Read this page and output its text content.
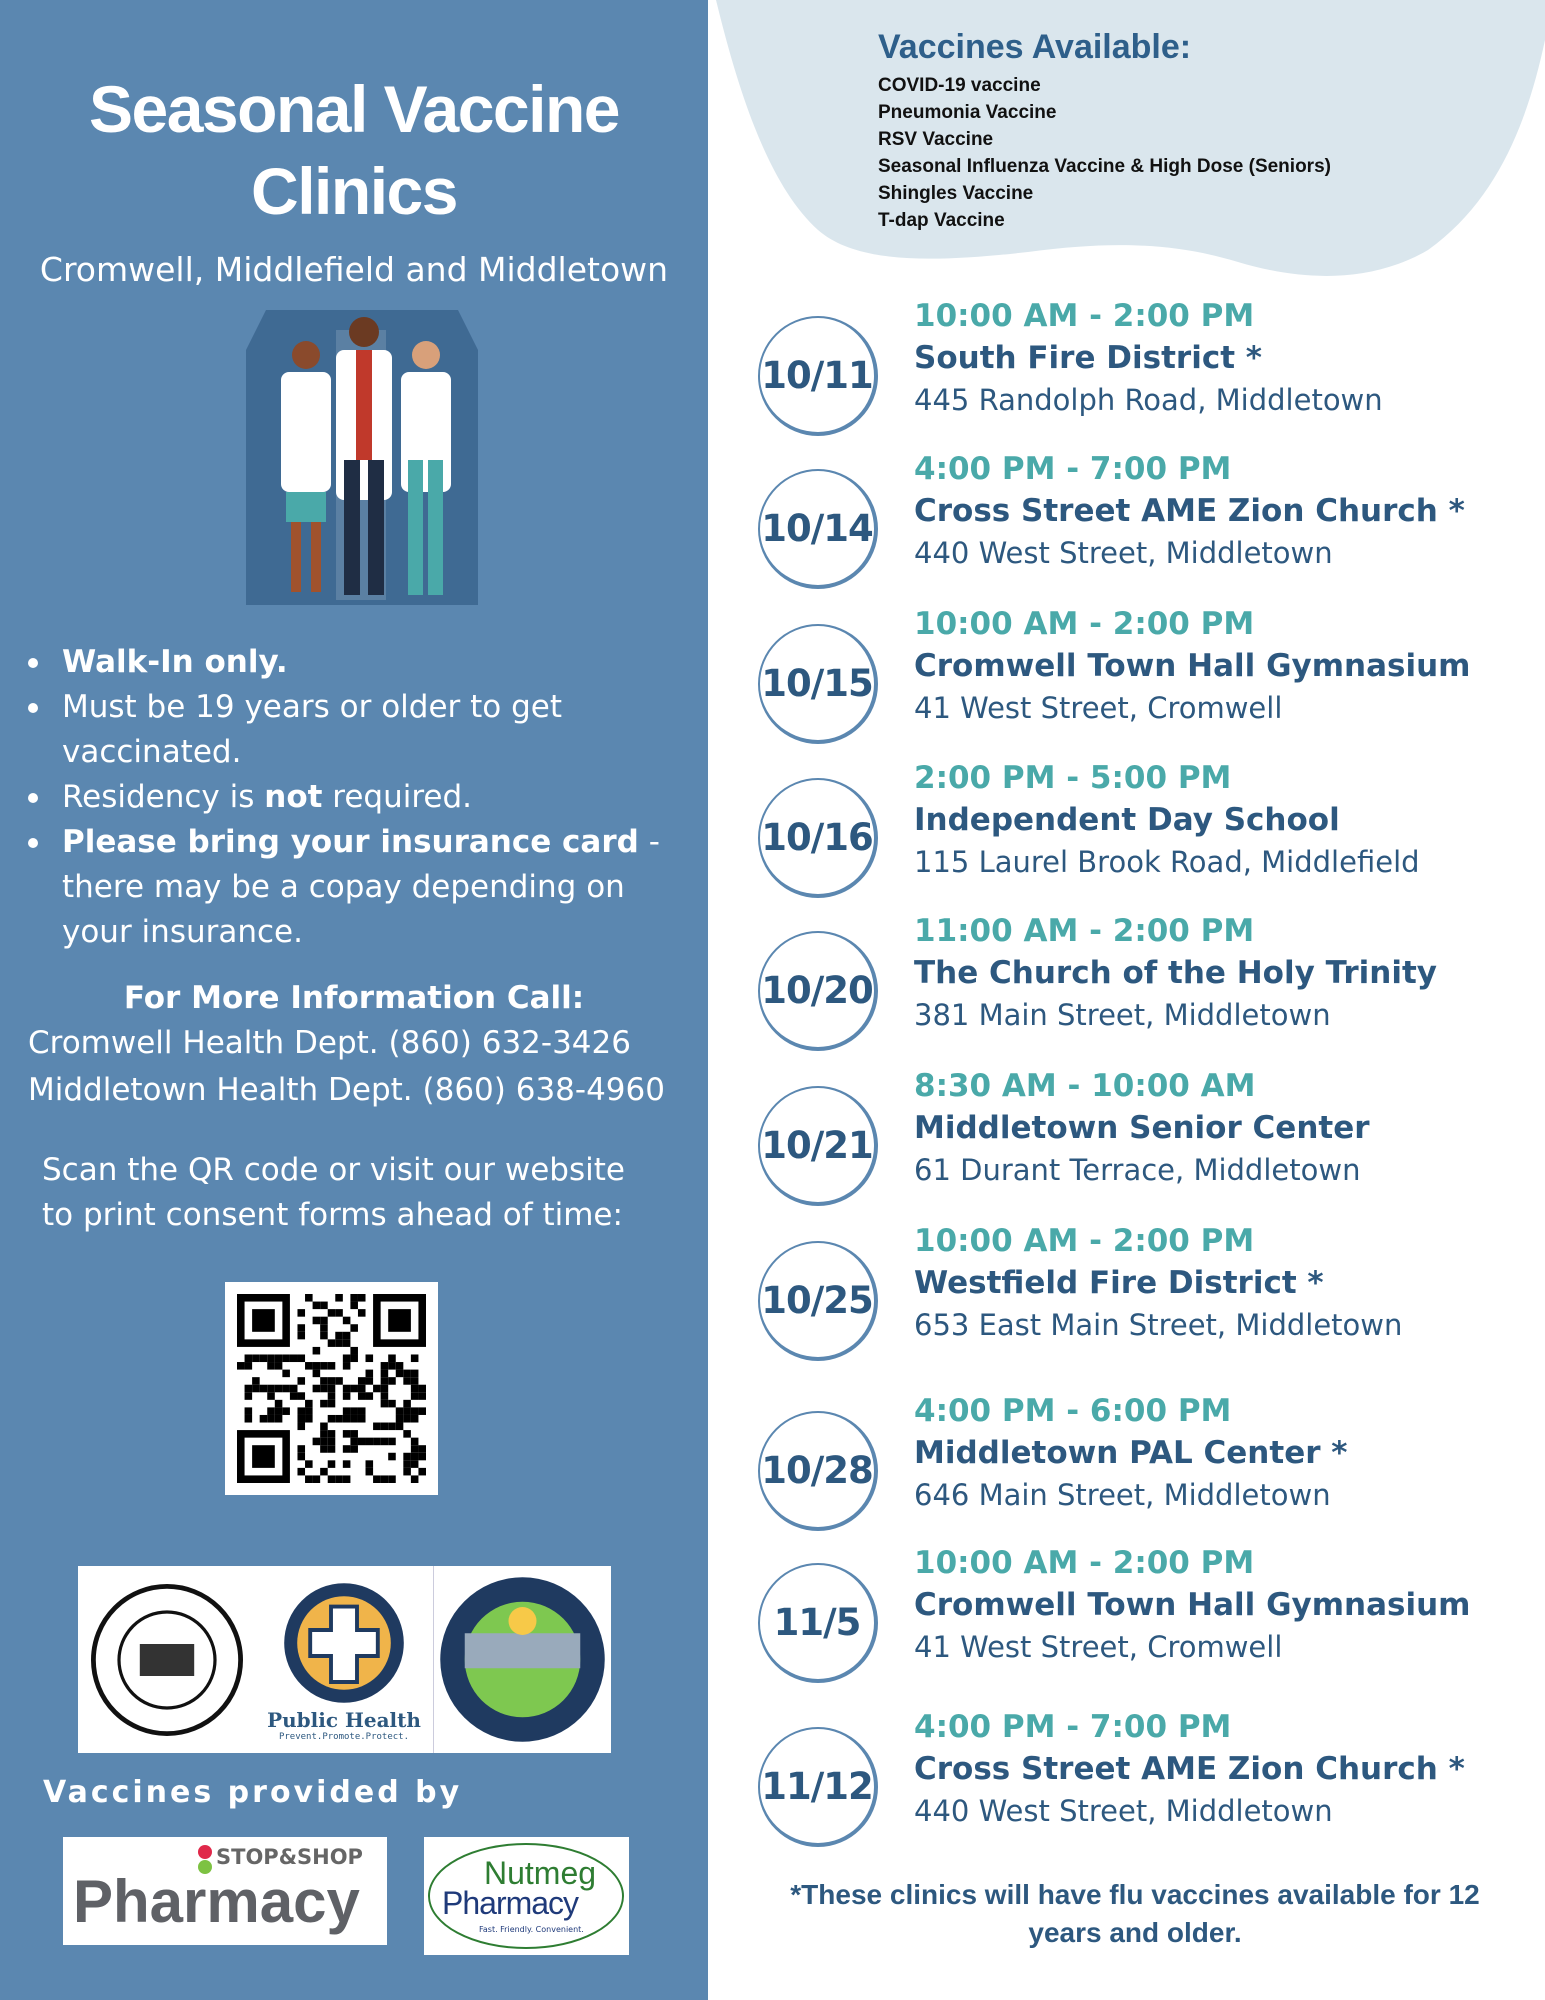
Seasonal Vaccine Clinics
Cromwell, Middlefield and Middletown
Walk-In only.
Must be 19 years or older to get vaccinated.
Residency is not required.
Please bring your insurance card - there may be a copay depending on your insurance.
For More Information Call:
Cromwell Health Dept. (860) 632-3426
Middletown Health Dept. (860) 638-4960
Scan the QR code or visit our website
to print consent forms ahead of time:
Public Health
Prevent.Promote.Protect.
Vaccines provided by
STOP&SHOP
Pharmacy	Nutmeg
Pharmacy
Fast. Friendly. Convenient.
Vaccines Available:
COVID-19 vaccine
Pneumonia Vaccine
RSV Vaccine
Seasonal Influenza Vaccine & High Dose (Seniors)
Shingles Vaccine
T-dap Vaccine
10/11
10:00 AM - 2:00 PM
South Fire District *
445 Randolph Road, Middletown
10/14
4:00 PM - 7:00 PM
Cross Street AME Zion Church *
440 West Street, Middletown
10/15
10:00 AM - 2:00 PM
Cromwell Town Hall Gymnasium
41 West Street, Cromwell
10/16
2:00 PM - 5:00 PM
Independent Day School
115 Laurel Brook Road, Middlefield
10/20
11:00 AM - 2:00 PM
The Church of the Holy Trinity
381 Main Street, Middletown
10/21
8:30 AM - 10:00 AM
Middletown Senior Center
61 Durant Terrace, Middletown
10/25
10:00 AM - 2:00 PM
Westfield Fire District *
653 East Main Street, Middletown
10/28
4:00 PM - 6:00 PM
Middletown PAL Center *
646 Main Street, Middletown
11/5
10:00 AM - 2:00 PM
Cromwell Town Hall Gymnasium
41 West Street, Cromwell
11/12
4:00 PM - 7:00 PM
Cross Street AME Zion Church *
440 West Street, Middletown
*These clinics will have flu vaccines available for 12 years and older.
